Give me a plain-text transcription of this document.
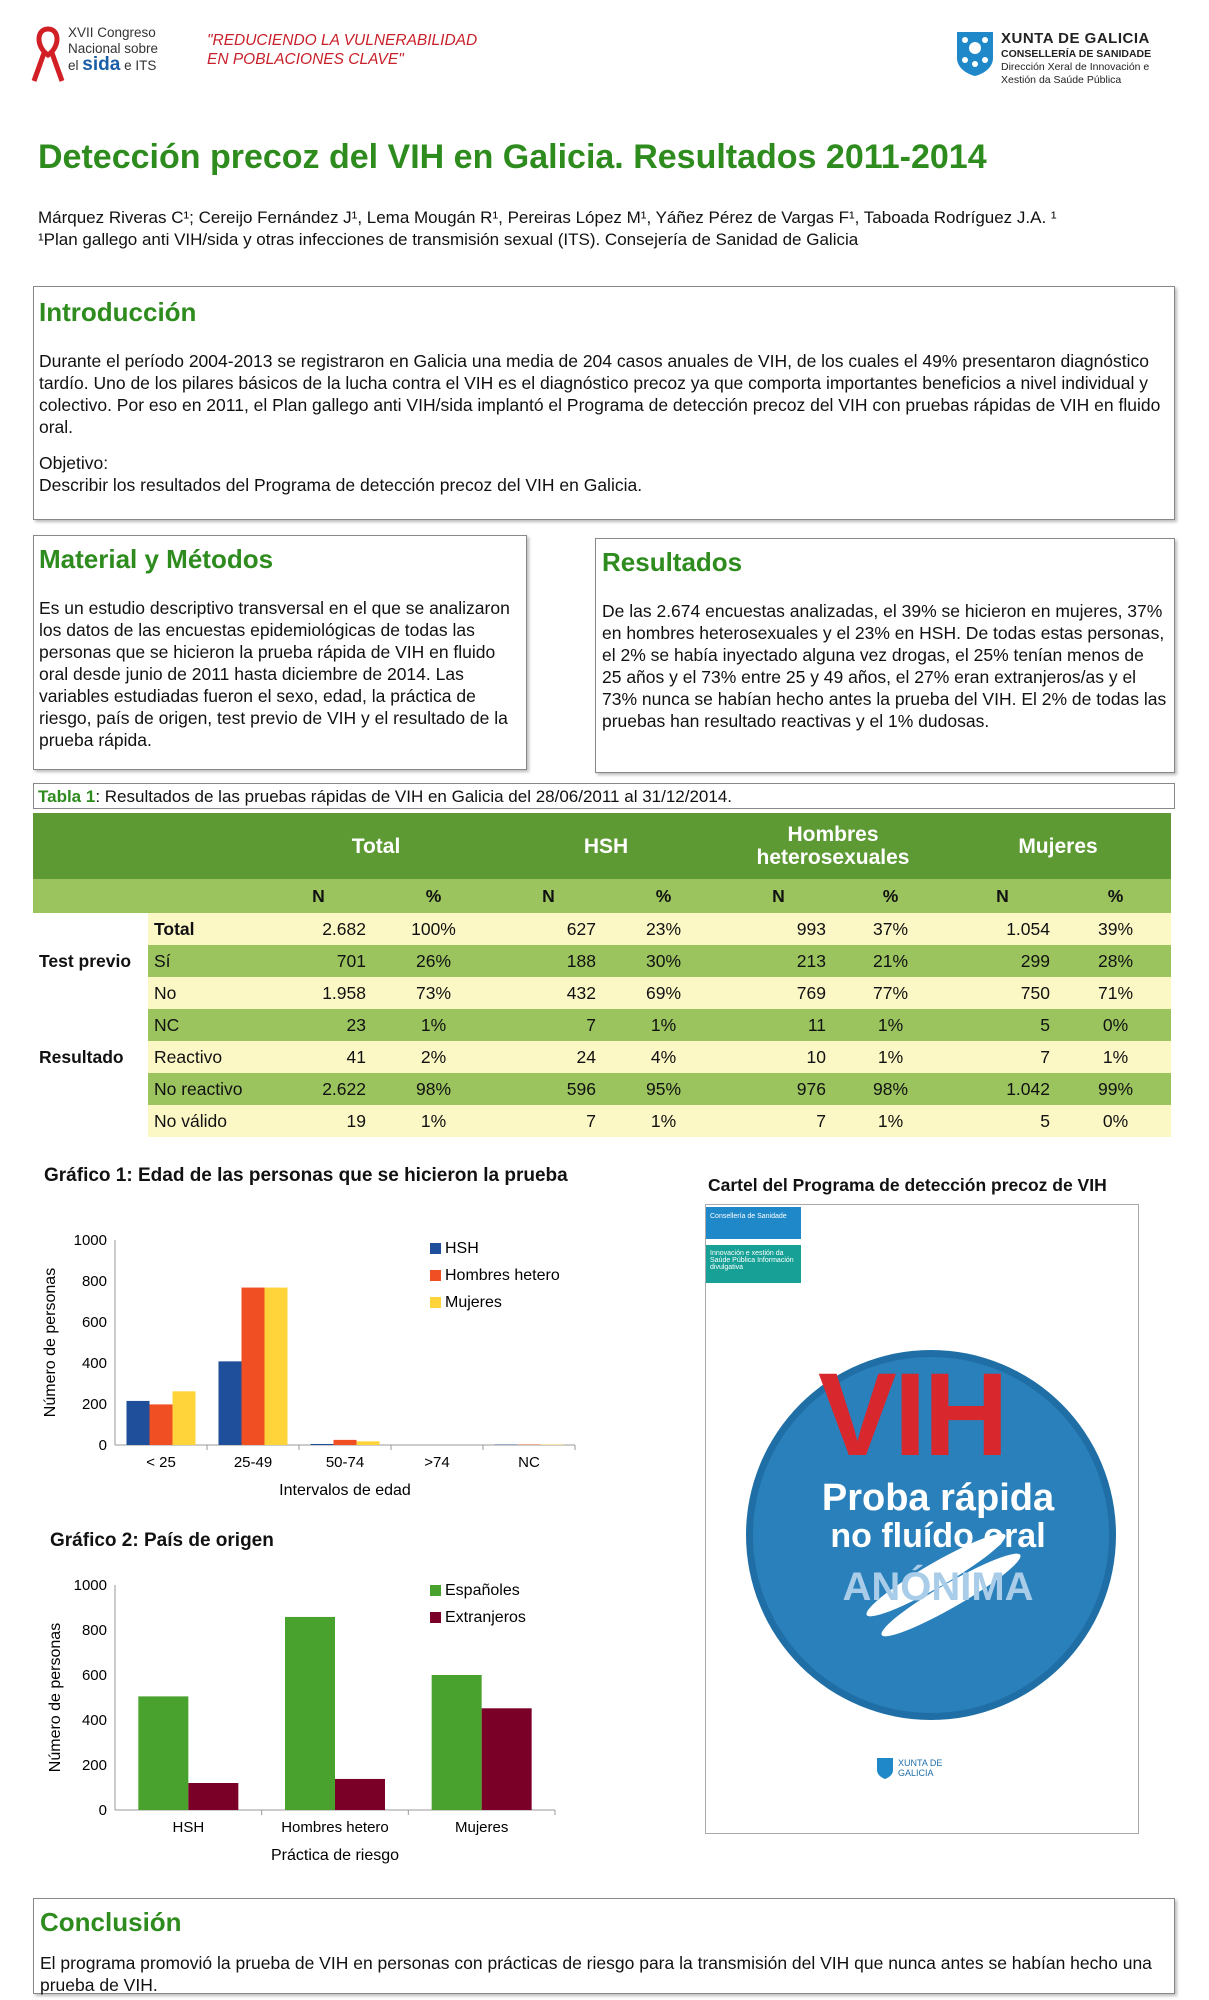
XVII Congreso
Nacional sobre
el sida e ITS
"REDUCIENDO LA VULNERABILIDAD
EN POBLACIONES CLAVE"
XUNTA DE GALICIA
CONSELLERÍA DE SANIDADE
Dirección Xeral de Innovación e
Xestión da Saúde Pública
Detección precoz del VIH en Galicia. Resultados 2011-2014
Márquez Riveras C¹; Cereijo Fernández J¹, Lema Mougán R¹, Pereiras López M¹, Yáñez Pérez de Vargas F¹, Taboada Rodríguez J.A. ¹
¹Plan gallego anti VIH/sida y otras infecciones de transmisión sexual (ITS). Consejería de Sanidad de Galicia
Introducción

Durante el período 2004-2013 se registraron en Galicia una media de 204 casos anuales de VIH, de los cuales el 49% presentaron diagnóstico tardío. Uno de los pilares básicos de la lucha contra el VIH es el diagnóstico precoz ya que comporta importantes beneficios a nivel individual y colectivo. Por eso en 2011, el Plan gallego anti VIH/sida implantó el Programa de detección precoz del VIH con pruebas rápidas de VIH en fluido oral.

Objetivo:

Describir los resultados del Programa de detección precoz del VIH en Galicia.

Material y Métodos

Es un estudio descriptivo transversal en el que se analizaron los datos de las encuestas epidemiológicas de todas las personas que se hicieron la prueba rápida de VIH en fluido oral desde junio de 2011 hasta diciembre de 2014. Las variables estudiadas fueron el sexo, edad, la práctica de riesgo, país de origen, test previo de VIH y el resultado de la prueba rápida.

Resultados

De las 2.674 encuestas analizadas, el 39% se hicieron en mujeres, 37% en hombres heterosexuales y el 23% en HSH. De todas estas personas, el 2% se había inyectado alguna vez drogas, el 25% tenían menos de 25 años y el 73% entre 25 y 49 años, el 27% eran extranjeros/as y el 73% nunca se habían hecho antes la prueba del VIH. El 2% de todas las pruebas han resultado reactivas y el 1% dudosas.

Tabla 1: Resultados de las pruebas rápidas de VIH en Galicia del 28/06/2011 al 31/12/2014.
		Total		HSH		Hombres heterosexuales		Mujeres	
		N	%	N	%	N	%	N	%
	Total	2.682	100%	627	23%	993	37%	1.054	39%
Test previo	Sí	701	26%	188	30%	213	21%	299	28%
	No	1.958	73%	432	69%	769	77%	750	71%
	NC	23	1%	7	1%	11	1%	5	0%
Resultado	Reactivo	41	2%	24	4%	10	1%	7	1%
	No reactivo	2.622	98%	596	95%	976	98%	1.042	99%
	No válido	19	1%	7	1%	7	1%	5	0%
Gráfico 1: Edad de las personas que se hicieron la prueba
0
200
400
600
800
1000
< 25	25-49	50-74	>74	NC
Intervalos de edad
Número de personas
HSH
Hombres hetero
Mujeres
Gráfico 2: País de origen
0
200
400
600
800
1000
HSH	Hombres hetero	Mujeres
Práctica de riesgo
Número de personas
Españoles
Extranjeros
Cartel del Programa de detección precoz de VIH
Consellería de Sanidade
Innovación e xestión da Saúde Pública Información divulgativa
VIH
Proba rápida
no fluído oral
ANÓNIMA
XUNTA DE GALICIA
Conclusión

El programa promovió la prueba de VIH en personas con prácticas de riesgo para la transmisión del VIH que nunca antes se habían hecho una prueba de VIH.
